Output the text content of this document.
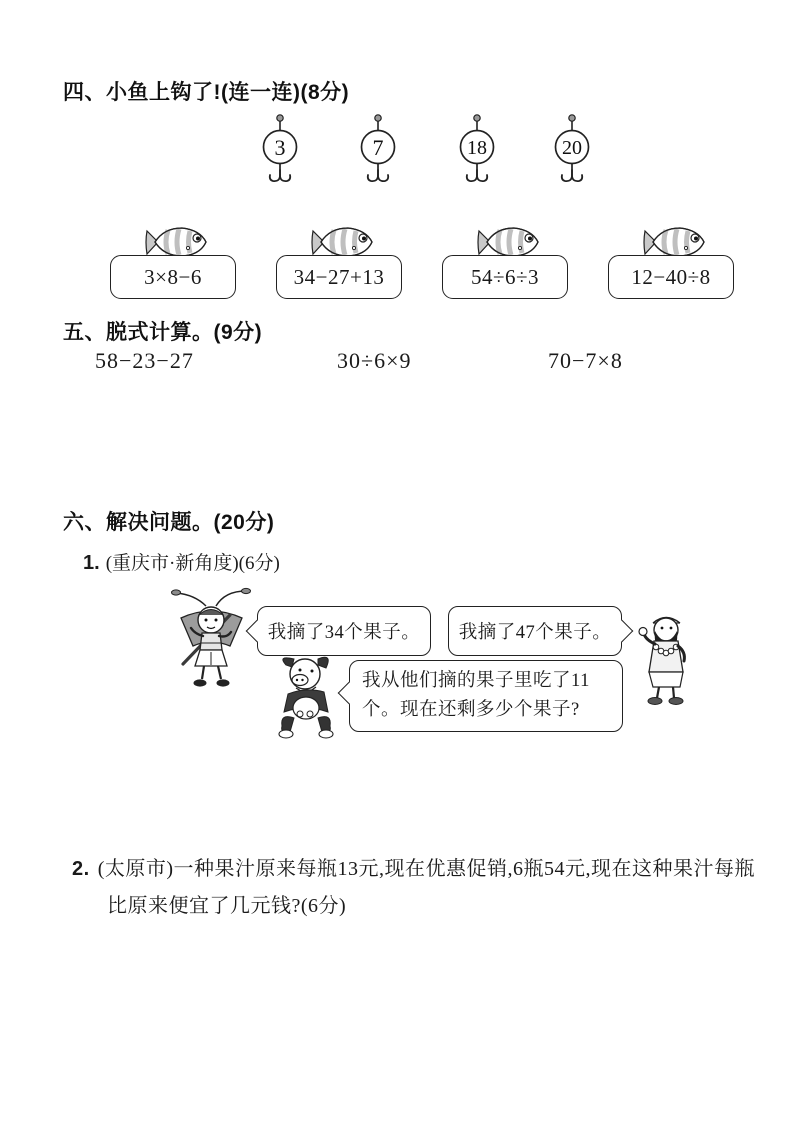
四、小鱼上钩了!(连一连)(8分)
3	7	18	20
3×8−6	34−27+13	54÷6÷3	12−40÷8
五、脱式计算。(9分)
58−23−27	30÷6×9	70−7×8
六、解决问题。(20分)
1. (重庆市·新角度)(6分)
我摘了34个果子。 我摘了47个果子。
我从他们摘的果子里吃了11个。现在还剩多少个果子?
2. (太原市)一种果汁原来每瓶13元,现在优惠促销,6瓶54元,现在这种果汁每瓶比原来便宜了几元钱?(6分)
